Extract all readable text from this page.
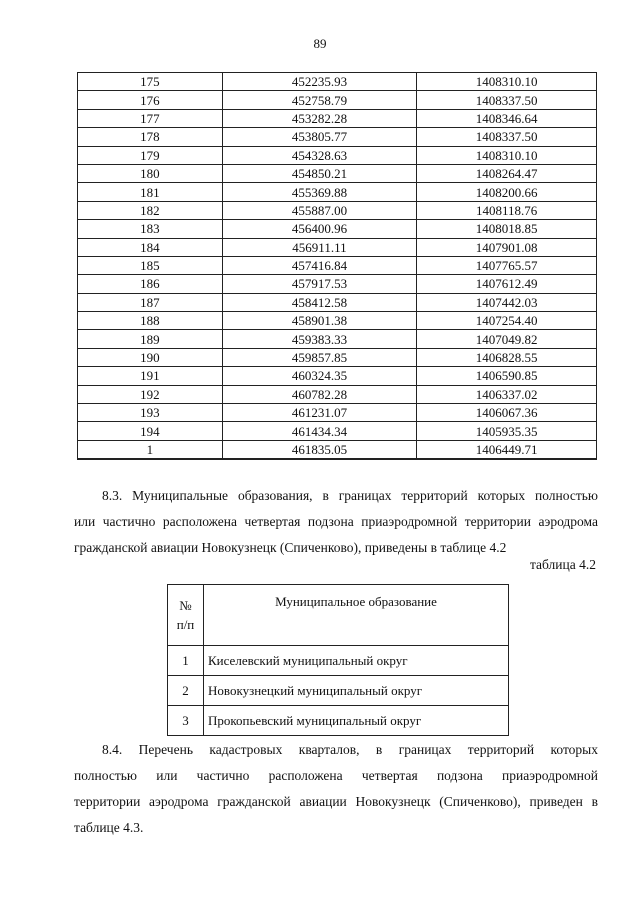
89
175	452235.93	1408310.10
176	452758.79	1408337.50
177	453282.28	1408346.64
178	453805.77	1408337.50
179	454328.63	1408310.10
180	454850.21	1408264.47
181	455369.88	1408200.66
182	455887.00	1408118.76
183	456400.96	1408018.85
184	456911.11	1407901.08
185	457416.84	1407765.57
186	457917.53	1407612.49
187	458412.58	1407442.03
188	458901.38	1407254.40
189	459383.33	1407049.82
190	459857.85	1406828.55
191	460324.35	1406590.85
192	460782.28	1406337.02
193	461231.07	1406067.36
194	461434.34	1405935.35
1	461835.05	1406449.71
8.3. Муниципальные образования, в границах территорий которых полностью
или частично расположена четвертая подзона приаэродромной территории аэродрома
гражданской авиации Новокузнецк (Спиченково), приведены в таблице 4.2
таблица 4.2
№
п/п	Муниципальное образование
1	Киселевский муниципальный округ
2	Новокузнецкий муниципальный округ
3	Прокопьевский муниципальный округ
8.4. Перечень кадастровых кварталов, в границах территорий которых
полностью или частично расположена четвертая подзона приаэродромной
территории аэродрома гражданской авиации Новокузнецк (Спиченково), приведен в
таблице 4.3.
